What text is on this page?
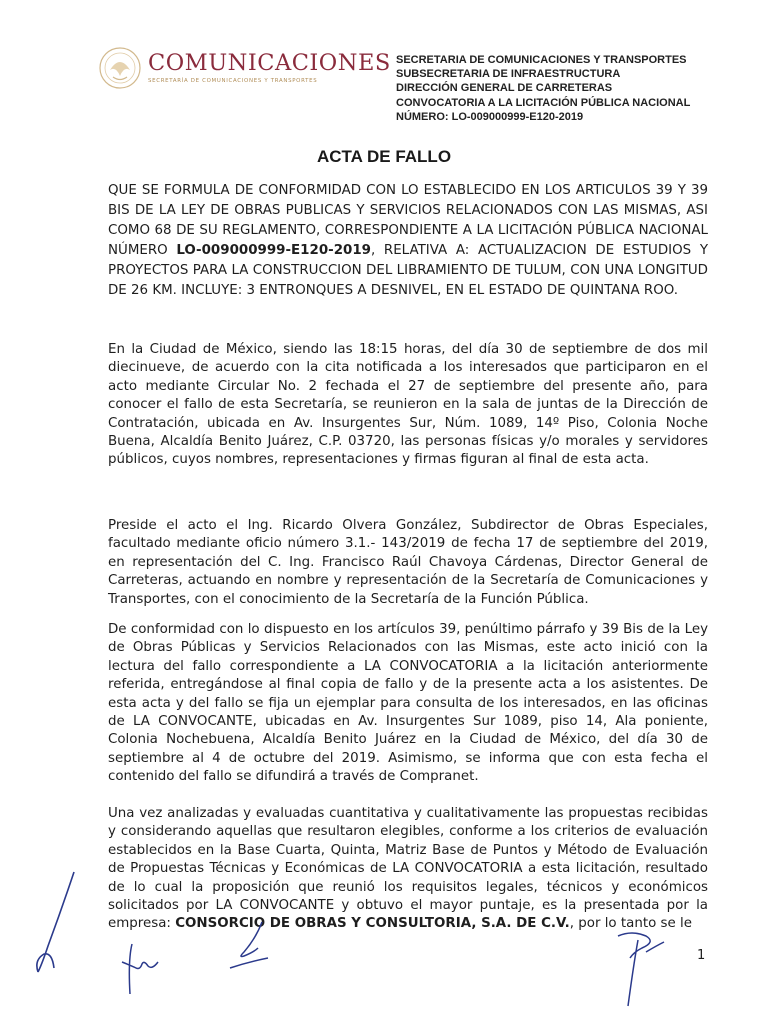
COMUNICACIONES
SECRETARÍA DE COMUNICACIONES Y TRANSPORTES
SECRETARIA DE COMUNICACIONES Y TRANSPORTES
SUBSECRETARIA DE INFRAESTRUCTURA
DIRECCIÓN GENERAL DE CARRETERAS
CONVOCATORIA A LA LICITACIÓN PÚBLICA NACIONAL
NÚMERO: LO-009000999-E120-2019
ACTA DE FALLO
QUE SE FORMULA DE CONFORMIDAD CON LO ESTABLECIDO EN LOS ARTICULOS 39 Y 39 BIS DE LA LEY DE OBRAS PUBLICAS Y SERVICIOS RELACIONADOS CON LAS MISMAS, ASI COMO 68 DE SU REGLAMENTO, CORRESPONDIENTE A LA LICITACIÓN PÚBLICA NACIONAL NÚMERO LO-009000999-E120-2019, RELATIVA A: ACTUALIZACION DE ESTUDIOS Y PROYECTOS PARA LA CONSTRUCCION DEL LIBRAMIENTO DE TULUM, CON UNA LONGITUD DE 26 KM. INCLUYE: 3 ENTRONQUES A DESNIVEL, EN EL ESTADO DE QUINTANA ROO.
En la Ciudad de México, siendo las 18:15 horas, del día 30 de septiembre de dos mil diecinueve, de acuerdo con la cita notificada a los interesados que participaron en el acto mediante Circular No. 2 fechada el 27 de septiembre del presente año, para conocer el fallo de esta Secretaría, se reunieron en la sala de juntas de la Dirección de Contratación, ubicada en Av. Insurgentes Sur, Núm. 1089, 14º Piso, Colonia Noche Buena, Alcaldía Benito Juárez, C.P. 03720, las personas físicas y/o morales y servidores públicos, cuyos nombres, representaciones y firmas figuran al final de esta acta.
Preside el acto el Ing. Ricardo Olvera González, Subdirector de Obras Especiales, facultado mediante oficio número 3.1.- 143/2019 de fecha 17 de septiembre del 2019, en representación del C. Ing. Francisco Raúl Chavoya Cárdenas, Director General de Carreteras, actuando en nombre y representación de la Secretaría de Comunicaciones y Transportes, con el conocimiento de la Secretaría de la Función Pública.
De conformidad con lo dispuesto en los artículos 39, penúltimo párrafo y 39 Bis de la Ley de Obras Públicas y Servicios Relacionados con las Mismas, este acto inició con la lectura del fallo correspondiente a LA CONVOCATORIA a la licitación anteriormente referida, entregándose al final copia de fallo y de la presente acta a los asistentes. De esta acta y del fallo se fija un ejemplar para consulta de los interesados, en las oficinas de LA CONVOCANTE, ubicadas en Av. Insurgentes Sur 1089, piso 14, Ala poniente, Colonia Nochebuena, Alcaldía Benito Juárez en la Ciudad de México, del día 30 de septiembre al 4 de octubre del 2019. Asimismo, se informa que con esta fecha el contenido del fallo se difundirá a través de Compranet.
Una vez analizadas y evaluadas cuantitativa y cualitativamente las propuestas recibidas y considerando aquellas que resultaron elegibles, conforme a los criterios de evaluación establecidos en la Base Cuarta, Quinta, Matriz Base de Puntos y Método de Evaluación de Propuestas Técnicas y Económicas de LA CONVOCATORIA a esta licitación, resultado de lo cual la proposición que reunió los requisitos legales, técnicos y económicos solicitados por LA CONVOCANTE y obtuvo el mayor puntaje, es la presentada por la empresa: CONSORCIO DE OBRAS Y CONSULTORIA, S.A. DE C.V., por lo tanto se le
1
